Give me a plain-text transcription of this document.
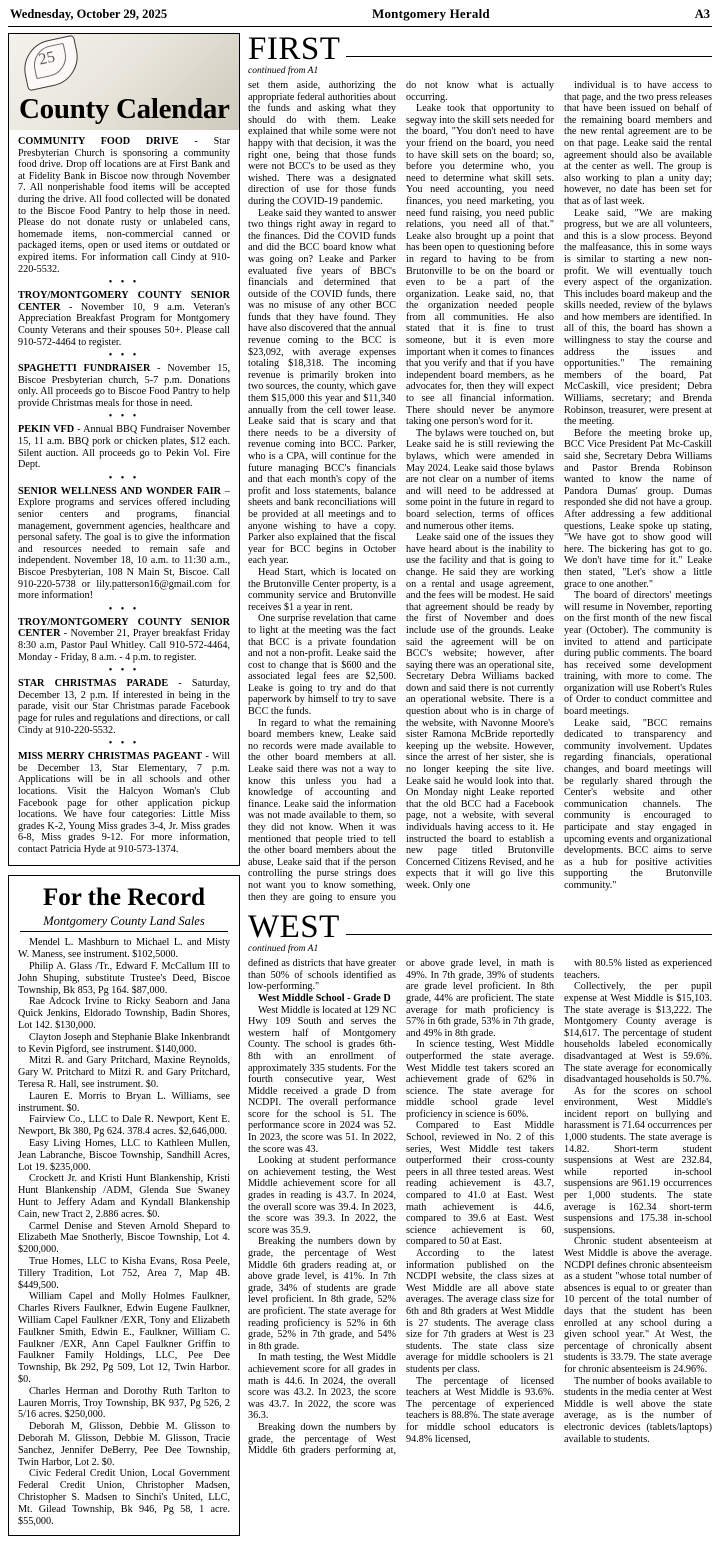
Wednesday, October 29, 2025	Montgomery Herald	A3
25
County Calendar

COMMUNITY FOOD DRIVE - Star Presbyterian Church is sponsoring a community food drive. Drop off locations are at First Bank and at Fidelity Bank in Biscoe now through November 7. All nonperishable food items will be accepted during the drive. All food collected will be donated to the Biscoe Food Pantry to help those in need. Please do not donate rusty or unlabeled cans, homemade items, non-commercial canned or packaged items, open or used items or outdated or expired items. For information call Cindy at 910-220-5532.

• • •

TROY/MONTGOMERY COUNTY SENIOR CENTER - November 10, 9 a.m. Veteran's Appreciation Breakfast Program for Montgomery County Veterans and their spouses 50+. Please call 910-572-4464 to register.

• • •

SPAGHETTI FUNDRAISER - November 15, Biscoe Presbyterian church, 5-7 p.m. Donations only. All proceeds go to Biscoe Food Pantry to help provide Christmas meals for those in need.

• • •

PEKIN VFD - Annual BBQ Fundraiser November 15, 11 a.m. BBQ pork or chicken plates, $12 each. Silent auction. All proceeds go to Pekin Vol. Fire Dept.

• • •

SENIOR WELLNESS AND WONDER FAIR – Explore programs and services offered including senior centers and programs, financial management, government agencies, healthcare and personal safety. The goal is to give the information and resources needed to remain safe and independent. November 18, 10 a.m. to 11:30 a.m., Biscoe Presbyterian, 108 N Main St, Biscoe. Call 910-220-5738 or lily.patterson16@gmail.com for more information!

• • •

TROY/MONTGOMERY COUNTY SENIOR CENTER - November 21, Prayer breakfast Friday 8:30 a.m, Pastor Paul Whitley. Call 910-572-4464, Monday - Friday, 8 a.m. - 4 p.m. to register.

• • •

STAR CHRISTMAS PARADE - Saturday, December 13, 2 p.m. If interested in being in the parade, visit our Star Christmas parade Facebook page for rules and regulations and directions, or call Cindy at 910-220-5532.

• • •

MISS MERRY CHRISTMAS PAGEANT - Will be December 13, Star Elementary, 7 p.m. Applications will be in all schools and other locations. Visit the Halcyon Woman's Club Facebook page for other application pickup locations. We have four categories: Little Miss grades K-2, Young Miss grades 3-4, Jr. Miss grades 6-8, Miss grades 9-12. For more information, contact Patricia Hyde at 910-573-1374.

For the Record
Montgomery County Land Sales

Mendel L. Mashburn to Michael L. and Misty W. Maness, see instrument. $102,5000.

Philip A. Glass /Tr., Edward F. McCallum III to John Shuping, substitute Trustee's Deed, Biscoe Township, Bk 853, Pg 164. $87,000.

Rae Adcock Irvine to Ricky Seaborn and Jana Quick Jenkins, Eldorado Township, Badin Shores, Lot 142. $130,000.

Clayton Joseph and Stephanie Blake Inkenbrandt to Kevin Pigford, see instrument. $140,000.

Mitzi R. and Gary Pritchard, Maxine Reynolds, Gary W. Pritchard to Mitzi R. and Gary Pritchard, Teresa R. Hall, see instrument. $0.

Lauren E. Morris to Bryan L. Williams, see instrument. $0.

Fairview Co., LLC to Dale R. Newport, Kent E. Newport, Bk 380, Pg 624. 378.4 acres. $2,646,000.

Easy Living Homes, LLC to Kathleen Mullen, Jean Labranche, Biscoe Township, Sandhill Acres, Lot 19. $235,000.

Crockett Jr. and Kristi Hunt Blankenship, Kristi Hunt Blankenship /ADM, Glenda Sue Swaney Hunt to Jeffery Adam and Kyndall Blankenship Cain, new Tract 2, 2.886 acres. $0.

Carmel Denise and Steven Arnold Shepard to Elizabeth Mae Snotherly, Biscoe Township, Lot 4. $200,000.

True Homes, LLC to Kisha Evans, Rosa Peele, Tillery Tradition, Lot 752, Area 7, Map 4B. $449,500.

William Capel and Molly Holmes Faulkner, Charles Rivers Faulkner, Edwin Eugene Faulkner, William Capel Faulkner /EXR, Tony and Elizabeth Faulkner Smith, Edwin E., Faulkner, William C. Faulkner /EXR, Ann Capel Faulkner Griffin to Faulkner Family Holdings, LLC, Pee Dee Township, Bk 292, Pg 509, Lot 12, Twin Harbor. $0.

Charles Herman and Dorothy Ruth Tarlton to Lauren Morris, Troy Township, BK 937, Pg 526, 2 5/16 acres. $250,000.

Deborah M, Glisson, Debbie M. Glisson to Deborah M. Glisson, Debbie M. Glisson, Tracie Sanchez, Jennifer DeBerry, Pee Dee Township, Twin Harbor, Lot 2. $0.

Civic Federal Credit Union, Local Government Federal Credit Union, Christopher Madsen, Christopher S. Madsen to Sinchi's United, LLC, Mt. Gilead Township, Bk 946, Pg 58, 1 acre. $55,000.

FIRST
continued from A1

set them aside, authorizing the appropriate federal authorities about the funds and asking what they should do with them. Leake explained that while some were not happy with that decision, it was the right one, being that those funds were not BCC's to be used as they wished. There was a designated direction of use for those funds during the COVID-19 pandemic.

Leake said they wanted to answer two things right away in regard to the finances. Did the COVID funds and did the BCC board know what was going on? Leake and Parker evaluated five years of BBC's financials and determined that outside of the COVID funds, there was no misuse of any other BCC funds that they have found. They have also discovered that the annual revenue coming to the BCC is $23,092, with average expenses totaling $18,318. The incoming revenue is primarily broken into two sources, the county, which gave them $15,000 this year and $11,340 annually from the cell tower lease. Leake said that is scary and that there needs to be a diversity of revenue coming into BCC. Parker, who is a CPA, will continue for the future managing BCC's financials and that each month's copy of the profit and loss statements, balance sheets and bank reconciliations will be provided at all meetings and to anyone wishing to have a copy. Parker also explained that the fiscal year for BCC begins in October each year.

Head Start, which is located on the Brutonville Center property, is a community service and Brutonville receives $1 a year in rent.

One surprise revelation that came to light at the meeting was the fact that BCC is a private foundation and not a non-profit. Leake said the cost to change that is $600 and the associated legal fees are $2,500. Leake is going to try and do that paperwork by himself to try to save BCC the funds.

In regard to what the remaining board members knew, Leake said no records were made available to the other board members at all. Leake said there was not a way to know this unless you had a knowledge of accounting and finance. Leake said the information was not made available to them, so they did not know. When it was mentioned that people tried to tell the other board members about the abuse, Leake said that if the person controlling the purse strings does not want you to know something, then they are going to ensure you do not know what is actually occurring.

Leake took that opportunity to segway into the skill sets needed for the board, "You don't need to have your friend on the board, you need to have skill sets on the board; so, before you determine who, you need to determine what skill sets. You need accounting, you need finances, you need marketing, you need fund raising, you need public relations, you need all of that." Leake also brought up a point that has been open to questioning before in regard to having to be from Brutonville to be on the board or even to be a part of the organization. Leake said, no, that the organization needed people from all communities. He also stated that it is fine to trust someone, but it is even more important when it comes to finances that you verify and that if you have independent board members, as he advocates for, then they will expect to see all financial information. There should never be anymore taking one person's word for it.

The bylaws were touched on, but Leake said he is still reviewing the bylaws, which were amended in May 2024. Leake said those bylaws are not clear on a number of items and will need to be addressed at some point in the future in regard to board selection, terms of offices and numerous other items.

Leake said one of the issues they have heard about is the inability to use the facility and that is going to change. He said they are working on a rental and usage agreement, and the fees will be modest. He said that agreement should be ready by the first of November and does include use of the grounds. Leake said the agreement will be on BCC's website; however, after saying there was an operational site, Secretary Debra Williams backed down and said there is not currently an operational website. There is a question about who is in charge of the website, with Navonne Moore's sister Ramona McBride reportedly keeping up the website. However, since the arrest of her sister, she is no longer keeping the site live. Leake said he would look into that. On Monday night Leake reported that the old BCC had a Facebook page, not a website, with several individuals having access to it. He instructed the board to establish a new page titled Brutonville Concerned Citizens Revised, and he expects that it will go live this week. Only one

individual is to have access to that page, and the two press releases that have been issued on behalf of the remaining board members and the new rental agreement are to be on that page. Leake said the rental agreement should also be available at the center as well. The group is also working to plan a unity day; however, no date has been set for that as of last week.

Leake said, "We are making progress, but we are all volunteers, and this is a slow process. Beyond the malfeasance, this in some ways is similar to starting a new non-profit. We will eventually touch every aspect of the organization. This includes board makeup and the skills needed, review of the bylaws and how members are identified. In all of this, the board has shown a willingness to stay the course and address the issues and opportunities." The remaining members of the board, Pat McCaskill, vice president; Debra Williams, secretary; and Brenda Robinson, treasurer, were present at the meeting.

Before the meeting broke up, BCC Vice President Pat Mc-Caskill said she, Secretary Debra Williams and Pastor Brenda Robinson wanted to know the name of Pandora Dumas' group. Dumas responded she did not have a group. After addressing a few additional questions, Leake spoke up stating, "We have got to show good will here. The bickering has got to go. We don't have time for it." Leake then stated, "Let's show a little grace to one another."

The board of directors' meetings will resume in November, reporting on the first month of the new fiscal year (October). The community is invited to attend and participate during public comments. The board has received some development training, with more to come. The organization will use Robert's Rules of Order to conduct committee and board meetings.

Leake said, "BCC remains dedicated to transparency and community involvement. Updates regarding financials, operational changes, and board meetings will be regularly shared through the Center's website and other communication channels. The community is encouraged to participate and stay engaged in upcoming events and organizational developments. BCC aims to serve as a hub for positive activities supporting the Brutonville community."

WEST
continued from A1

defined as districts that have greater than 50% of schools identified as low-performing."

West Middle School - Grade D

West Middle is located at 129 NC Hwy 109 South and serves the western half of Montgomery County. The school is grades 6th-8th with an enrollment of approximately 335 students. For the fourth consecutive year, West Middle received a grade D from NCDPI. The overall performance score for the school is 51. The performance score in 2024 was 52. In 2023, the score was 51. In 2022, the score was 43.

Looking at student performance on achievement testing, the West Middle achievement score for all grades in reading is 43.7. In 2024, the overall score was 39.4. In 2023, the score was 39.3. In 2022, the score was 35.9.

Breaking the numbers down by grade, the percentage of West Middle 6th graders reading at, or above grade level, is 41%. In 7th grade, 34% of students are grade level proficient. In 8th grade, 52% are proficient. The state average for reading proficiency is 52% in 6th grade, 52% in 7th grade, and 54% in 8th grade.

In math testing, the West Middle achievement score for all grades in math is 44.6. In 2024, the overall score was 43.2. In 2023, the score was 43.7. In 2022, the score was 36.3.

Breaking down the numbers by grade, the percentage of West Middle 6th graders performing at, or above grade level, in math is 49%. In 7th grade, 39% of students are grade level proficient. In 8th grade, 44% are proficient. The state average for math proficiency is 57% in 6th grade, 53% in 7th grade, and 49% in 8th grade.

In science testing, West Middle outperformed the state average. West Middle test takers scored an achievement grade of 62% in science. The state average for middle school grade level proficiency in science is 60%.

Compared to East Middle School, reviewed in No. 2 of this series, West Middle test takers outperformed their cross-county peers in all three tested areas. West reading achievement is 43.7, compared to 41.0 at East. West math achievement is 44.6, compared to 39.6 at East. West science achievement is 60, compared to 50 at East.

According to the latest information published on the NCDPI website, the class sizes at West Middle are all above state averages. The average class size for 6th and 8th graders at West Middle is 27 students. The average class size for 7th graders at West is 23 students. The state class size average for middle schoolers is 21 students per class.

The percentage of licensed teachers at West Middle is 93.6%. The percentage of experienced teachers is 88.8%. The state average for middle school educators is 94.8% licensed,

with 80.5% listed as experienced teachers.

Collectively, the per pupil expense at West Middle is $15,103. The state average is $13,222. The Montgomery County average is $14,617. The percentage of student households labeled economically disadvantaged at West is 59.6%. The state average for economically disadvantaged households is 50.7%.

As for the scores on school environment, West Middle's incident report on bullying and harassment is 71.64 occurrences per 1,000 students. The state average is 14.82. Short-term student suspensions at West are 232.84, while reported in-school suspensions are 961.19 occurrences per 1,000 students. The state average is 162.34 short-term suspensions and 175.38 in-school suspensions.

Chronic student absenteeism at West Middle is above the average. NCDPI defines chronic absenteeism as a student "whose total number of absences is equal to or greater than 10 percent of the total number of days that the student has been enrolled at any school during a given school year." At West, the percentage of chronically absent students is 33.79. The state average for chronic absenteeism is 24.96%.

The number of books available to students in the media center at West Middle is well above the state average, as is the number of electronic devices (tablets/laptops) available to students.
